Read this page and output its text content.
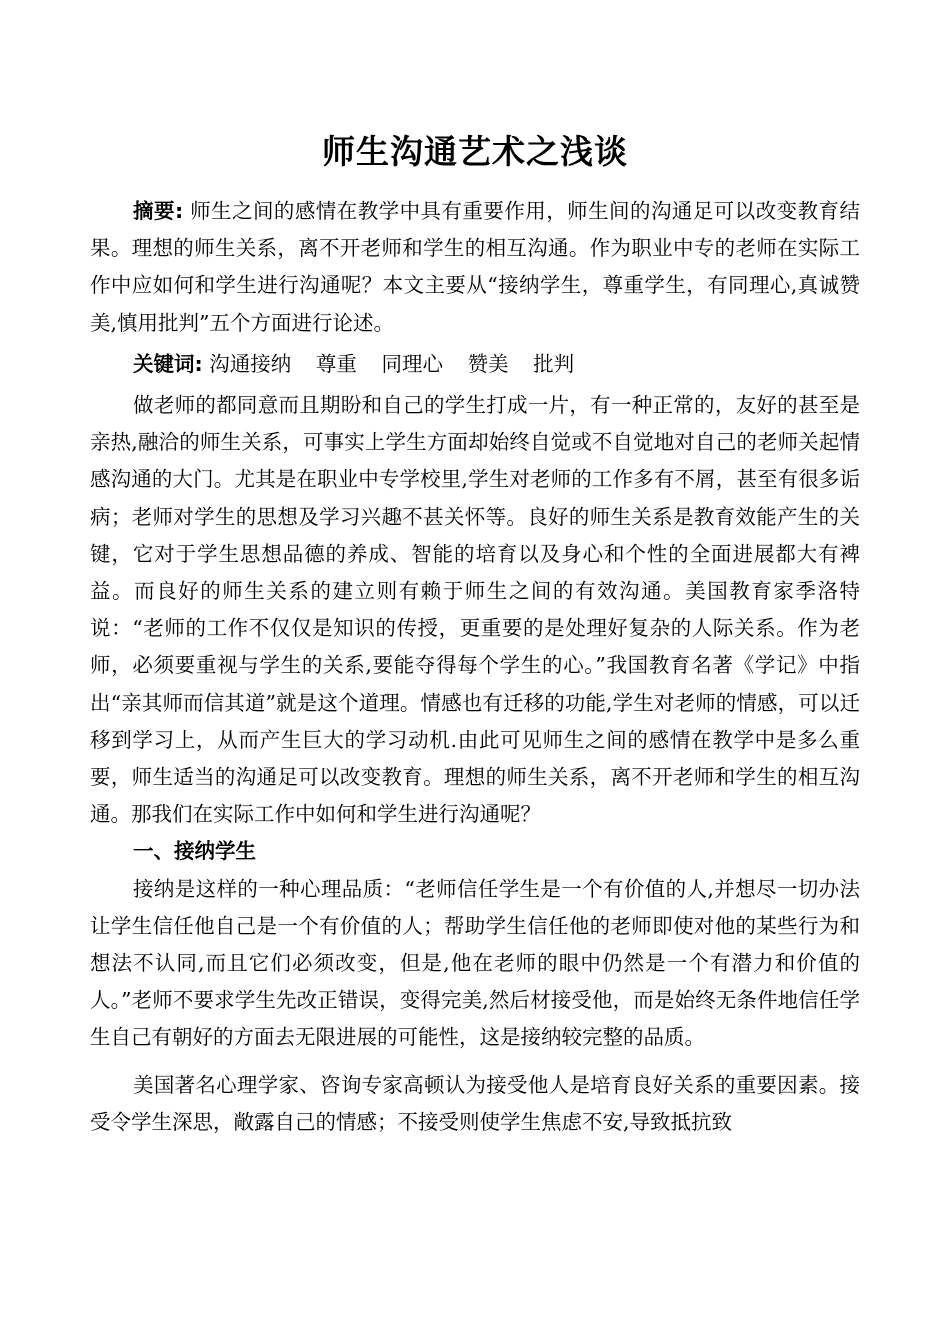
师生沟通艺术之浅谈

摘要: 师生之间的感情在教学中具有重要作用，师生间的沟通足可以改变教育结果。理想的师生关系，离不开老师和学生的相互沟通。作为职业中专的老师在实际工作中应如何和学生进行沟通呢？本文主要从“接纳学生，尊重学生，有同理心,真诚赞美,慎用批判”五个方面进行论述。

关键词: 沟通接纳 尊重 同理心 赞美 批判

做老师的都同意而且期盼和自己的学生打成一片，有一种正常的，友好的甚至是亲热,融洽的师生关系，可事实上学生方面却始终自觉或不自觉地对自己的老师关起情感沟通的大门。尤其是在职业中专学校里,学生对老师的工作多有不屑，甚至有很多诟病；老师对学生的思想及学习兴趣不甚关怀等。良好的师生关系是教育效能产生的关键，它对于学生思想品德的养成、智能的培育以及身心和个性的全面进展都大有裨益。而良好的师生关系的建立则有赖于师生之间的有效沟通。美国教育家季洛特说：“老师的工作不仅仅是知识的传授，更重要的是处理好复杂的人际关系。作为老师，必须要重视与学生的关系,要能夺得每个学生的心。”我国教育名著《学记》中指出“亲其师而信其道”就是这个道理。情感也有迁移的功能,学生对老师的情感，可以迁移到学习上，从而产生巨大的学习动机.由此可见师生之间的感情在教学中是多么重要，师生适当的沟通足可以改变教育。理想的师生关系，离不开老师和学生的相互沟通。那我们在实际工作中如何和学生进行沟通呢？

一、接纳学生

接纳是这样的一种心理品质：“老师信任学生是一个有价值的人,并想尽一切办法让学生信任他自己是一个有价值的人；帮助学生信任他的老师即使对他的某些行为和想法不认同,而且它们必须改变，但是,他在老师的眼中仍然是一个有潜力和价值的人。”老师不要求学生先改正错误，变得完美,然后材接受他，而是始终无条件地信任学生自己有朝好的方面去无限进展的可能性，这是接纳较完整的品质。

美国著名心理学家、咨询专家高顿认为接受他人是培育良好关系的重要因素。接受令学生深思，敞露自己的情感；不接受则使学生焦虑不安,导致抵抗致
